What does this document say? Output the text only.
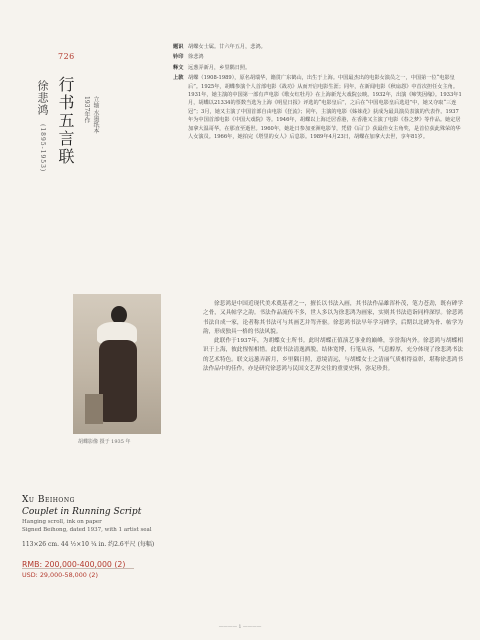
726
行书五言联
徐悲鸿 (1895-1953)
立轴 水墨纸本
1937年作
题识 胡蝶女士属。廿六年五月，悲鸿。
钤印 徐悲鸿
释文 远葱弄新月，乡里隅日照。
上款 胡蝶（1908-1989），原名胡瑞华，籍贯广东鹤山，出生于上海。中国最杰出的电影女演员之一，中国第一位“电影皇后”。1925年，胡蝶参演个人首部电影《战功》从而开启电影生涯；同年，在新闻电影《秋扇怨》中首次担任女主角。1931年，她主演的中国第一部有声电影《歌女红牡丹》在上海新光大戏院公映。1932年，出演《啼笑因缘》。1933年1月，胡蝶以21334的票数当选为上海《明星日报》评选的“电影皇后”，之后在“中国电影皇后选进”中，她又夺取“三连冠”；3月，她又主演了中国首部自由电影《狂流》；同年，主演的电影《姊妹花》获成为最具演员表演的代表作。1937年为中国首部电影《中国大戏院》等。1946年，胡蝶以上海迁居香港，在香港又主演了电影《春之梦》等作品。她定居加拿大温哥华，在那直至逝世。1960年，她赴日参加亚洲电影节，凭借《后门》获最佳女主角奖，是首位获此殊荣的华人女演员。1966年，她拍完《塔里的女人》后息影。1989年4月23日，胡蝶在加拿大去世，享年81岁。
胡蝶影像 摄于 1935 年

徐悲鸿是中国近现代美术奠基者之一，擅长以书法入画，其书法作品雄浑朴茂，笔力苍劲，既有碑学之骨，又具帖学之韵。书法作品流传不多，世人多以为徐悲鸿为画家，实则其书法造诣同样深厚。徐悲鸿书法自成一家，论者称其书法可与其画艺并驾齐驱。徐悲鸿书法早年学习碑学，后期以北碑为骨、帖学为韵，形成独具一格的书法风貌。

此联作于1937年，为胡蝶女士所书。此时胡蝶正值演艺事业的巅峰，享誉海内外。徐悲鸿与胡蝶相识于上海，彼此惺惺相惜。此联书法清逸洒脱，结体宽博，行笔从容，气息醇厚，充分体现了徐悲鸿书法的艺术特色。联文远葱弄新月，乡里隅日照，意境清远，与胡蝶女士之清丽气质相得益彰，堪称徐悲鸿书法作品中的佳作，亦是研究徐悲鸿与民国文艺界交往的重要史料，弥足珍贵。

Xu Beihong
Couplet in Running Script
Hanging scroll, ink on paper
Signed Beihong, dated 1937, with 1 artist seal
113×26 cm. 44 ½×10 ¼ in. 约2.6平尺 (每幅)
RMB: 200,000-400,000 (2)
USD: 29,000-58,000 (2)
———— 1 ————
